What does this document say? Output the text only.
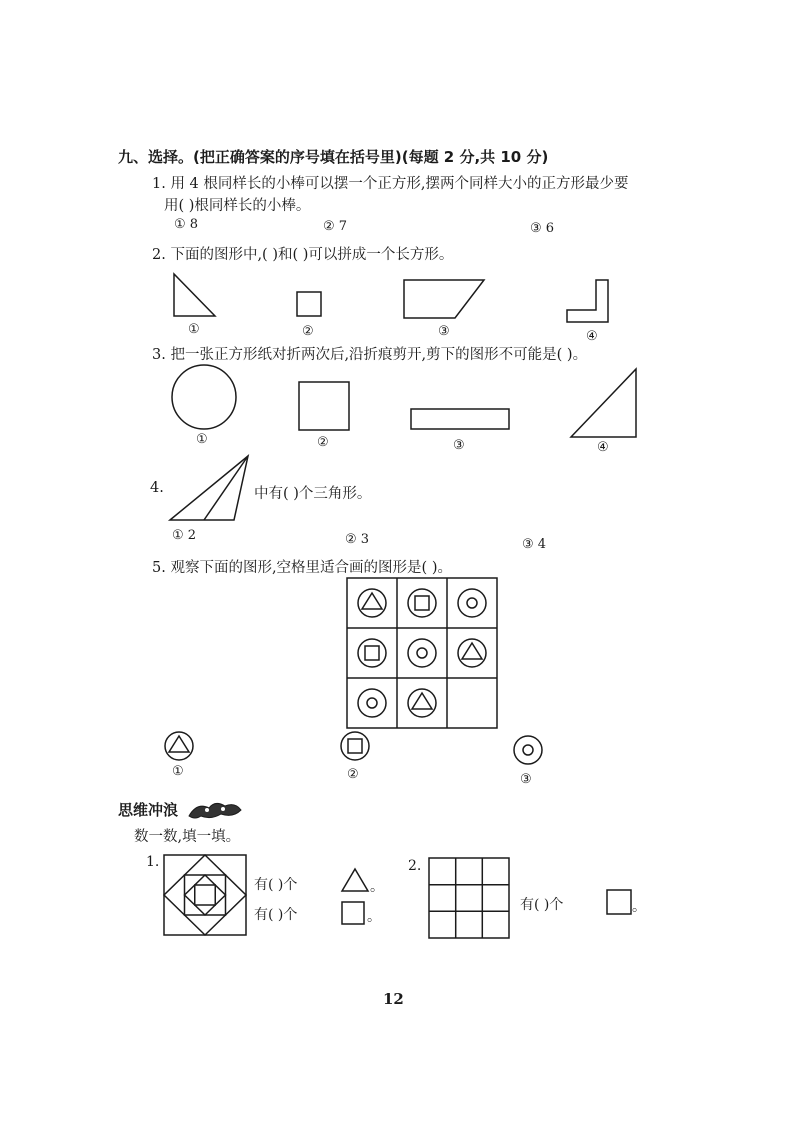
九、选择。(把正确答案的序号填在括号里)(每题 2 分,共 10 分)
1. 用 4 根同样长的小棒可以摆一个正方形,摆两个同样大小的正方形最少要
用( )根同样长的小棒。
① 8	② 7	③ 6
2. 下面的图形中,( )和( )可以拼成一个长方形。
①	②	③	④
3. 把一张正方形纸对折两次后,沿折痕剪开,剪下的图形不可能是( )。
①	②	③	④
4.	中有( )个三角形。
① 2	② 3	③ 4
5. 观察下面的图形,空格里适合画的图形是( )。
①	②	③
思维冲浪
数一数,填一填。
1.
有( )个	。
有( )个	。
2.
有( )个	。
12
